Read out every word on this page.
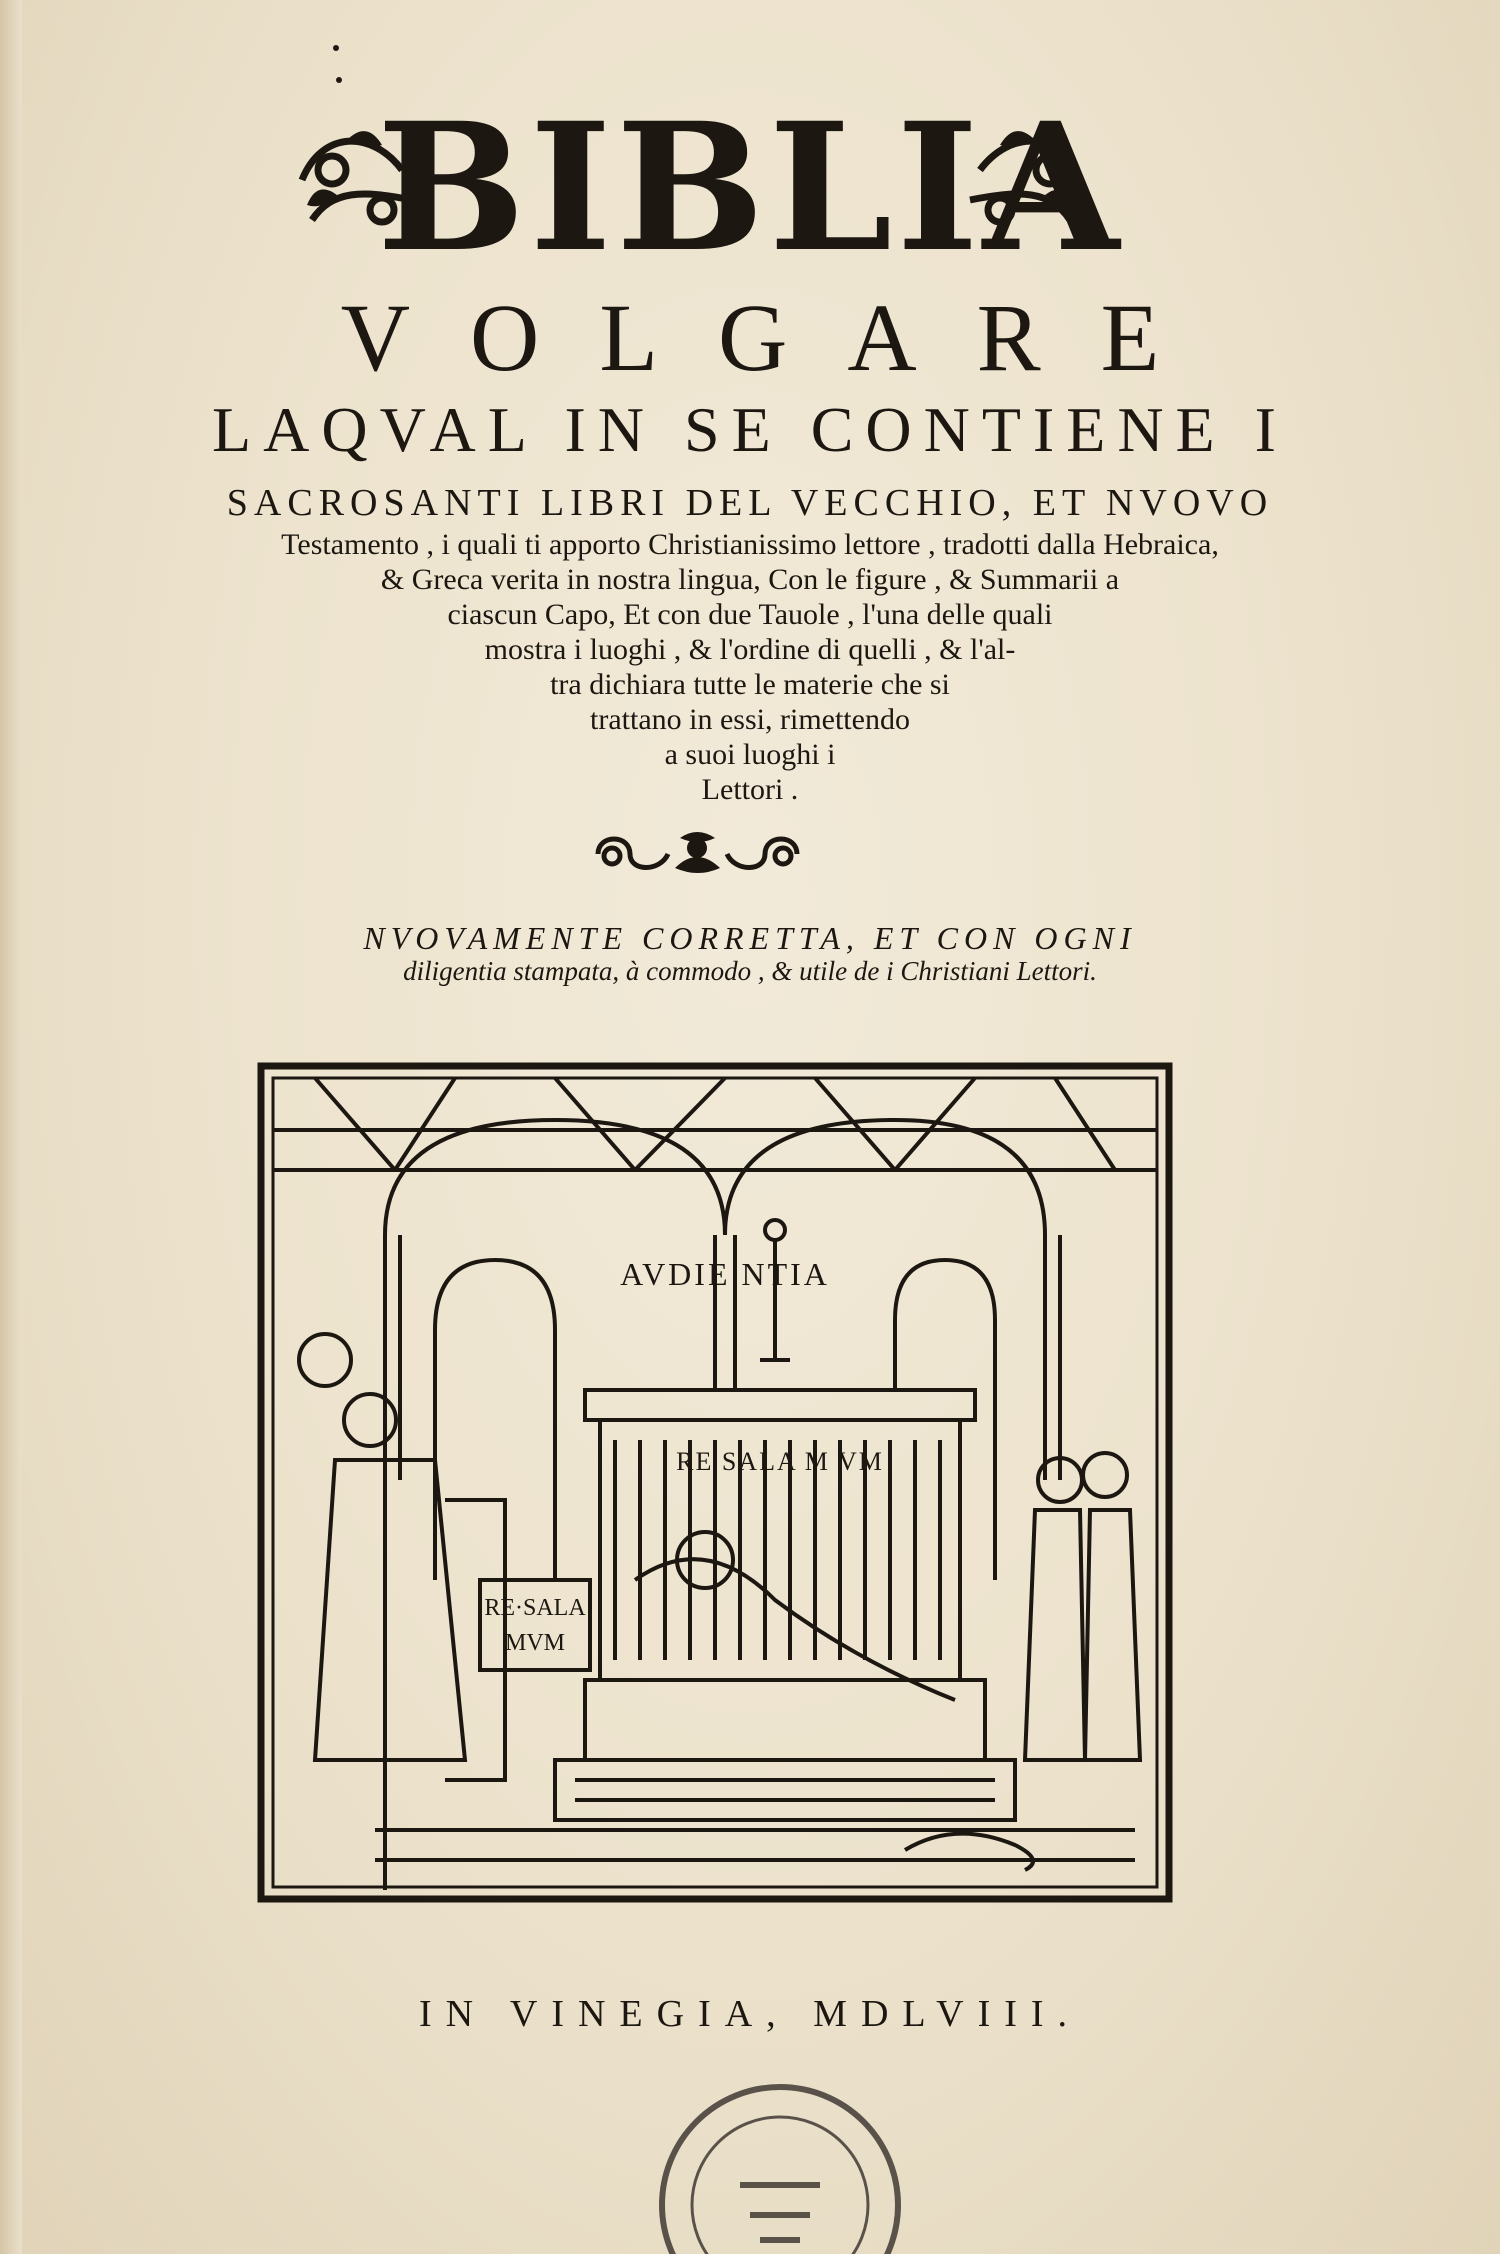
BIBLIA
VOLGARE
LAQVAL IN SE CONTIENE I
SACROSANTI LIBRI DEL VECCHIO, ET NVOVO
Testamento , i quali ti apporto Christianissimo lettore , tradotti dalla Hebraica,
& Greca verita in nostra lingua, Con le figure , & Summarii a
ciascun Capo, Et con due Tauole , l'una delle quali
mostra i luoghi , & l'ordine di quelli , & l'al-
tra dichiara tutte le materie che si
trattano in essi, rimettendo
a suoi luoghi i
Lettori .
NVOVAMENTE CORRETTA, ET CON OGNI
diligentia stampata, à commodo , & utile de i Christiani Lettori.
AVDIE NTIA
RE SALA M VM
RE·SALA
MVM
IN VINEGIA, MDLVIII.
